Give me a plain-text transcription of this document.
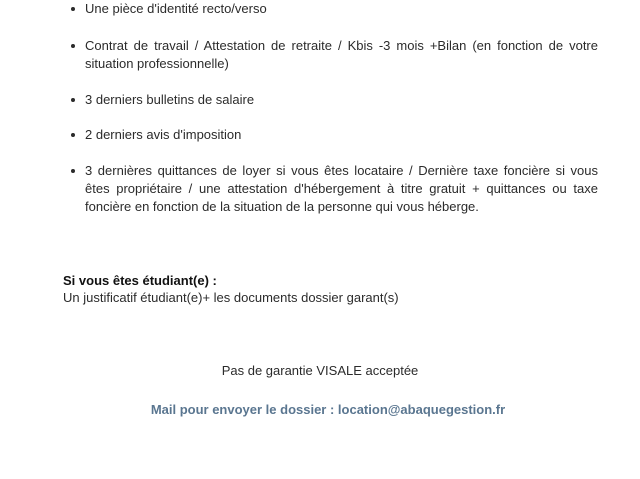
Une pièce d'identité recto/verso
Contrat de travail / Attestation de retraite / Kbis -3 mois +Bilan (en fonction de votre situation professionnelle)
3 derniers bulletins de salaire
2 derniers avis d'imposition
3 dernières quittances de loyer si vous êtes locataire / Dernière taxe foncière si vous êtes propriétaire / une attestation d'hébergement à titre gratuit + quittances ou taxe foncière en fonction de la situation de la personne qui vous héberge.
Si vous êtes étudiant(e) :
Un justificatif étudiant(e)+ les documents dossier garant(s)
Pas de garantie VISALE acceptée
Mail pour envoyer le dossier : location@abaquegestion.fr
